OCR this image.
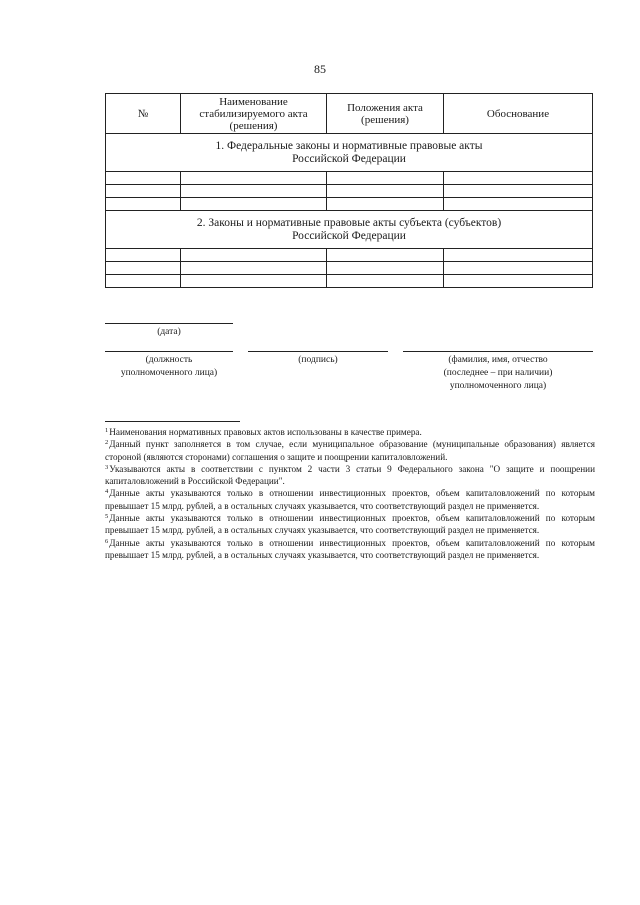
85
№	Наименование стабилизируемого акта (решения)	Положения акта (решения)	Обоснование

1. Федеральные законы и нормативные правовые акты
Российской Федерации			

2. Законы и нормативные правовые акты субъекта (субъектов)
Российской Федерации			

(дата)
(должность
уполномоченного лица)
(подпись)	(фамилия, имя, отчество
(последнее – при наличии)
уполномоченного лица)

$^1$Наименования нормативных правовых актов использованы в качестве примера.

$^2$Данный пункт заполняется в том случае, если муниципальное образование (муниципальные образования) является стороной (являются сторонами) соглашения о защите и поощрении капиталовложений.

$^3$Указываются акты в соответствии с пунктом 2 части 3 статьи 9 Федерального закона "О защите и поощрении капиталовложений в Российской Федерации".

$^4$Данные акты указываются только в отношении инвестиционных проектов, объем капиталовложений по которым превышает 15 млрд. рублей, а в остальных случаях указывается, что соответствующий раздел не применяется.

$^5$Данные акты указываются только в отношении инвестиционных проектов, объем капиталовложений по которым превышает 15 млрд. рублей, а в остальных случаях указывается, что соответствующий раздел не применяется.

$^6$Данные акты указываются только в отношении инвестиционных проектов, объем капиталовложений по которым превышает 15 млрд. рублей, а в остальных случаях указывается, что соответствующий раздел не применяется.
